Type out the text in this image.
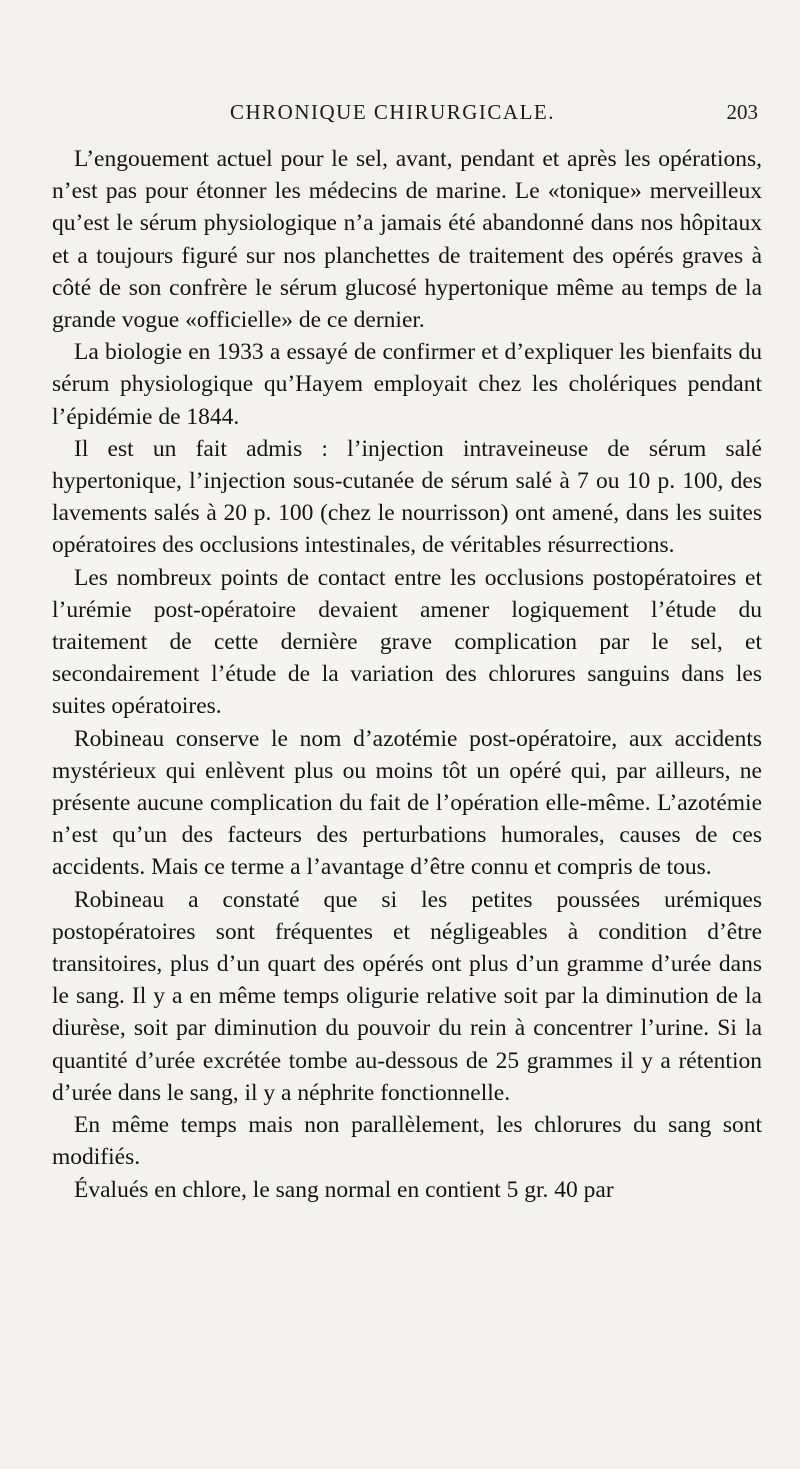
CHRONIQUE CHIRURGICALE.	203

L’engouement actuel pour le sel, avant, pendant et après les opérations, n’est pas pour étonner les médecins de marine. Le «tonique» merveilleux qu’est le sérum physiologique n’a jamais été abandonné dans nos hôpitaux et a toujours figuré sur nos planchettes de traitement des opérés graves à côté de son confrère le sérum glucosé hypertonique même au temps de la grande vogue «officielle» de ce dernier.

La biologie en 1933 a essayé de confirmer et d’expliquer les bienfaits du sérum physiologique qu’Hayem employait chez les cholériques pendant l’épidémie de 1844.

Il est un fait admis : l’injection intraveineuse de sérum salé hypertonique, l’injection sous-cutanée de sérum salé à 7 ou 10 p. 100, des lavements salés à 20 p. 100 (chez le nourrisson) ont amené, dans les suites opératoires des occlusions intestinales, de véritables résurrections.

Les nombreux points de contact entre les occlusions postopératoires et l’urémie post-opératoire devaient amener logiquement l’étude du traitement de cette dernière grave complication par le sel, et secondairement l’étude de la variation des chlorures sanguins dans les suites opératoires.

Robineau conserve le nom d’azotémie post-opératoire, aux accidents mystérieux qui enlèvent plus ou moins tôt un opéré qui, par ailleurs, ne présente aucune complication du fait de l’opération elle-même. L’azotémie n’est qu’un des facteurs des perturbations humorales, causes de ces accidents. Mais ce terme a l’avantage d’être connu et compris de tous.

Robineau a constaté que si les petites poussées urémiques postopératoires sont fréquentes et négligeables à condition d’être transitoires, plus d’un quart des opérés ont plus d’un gramme d’urée dans le sang. Il y a en même temps oligurie relative soit par la diminution de la diurèse, soit par diminution du pouvoir du rein à concentrer l’urine. Si la quantité d’urée excrétée tombe au-dessous de 25 grammes il y a rétention d’urée dans le sang, il y a néphrite fonctionnelle.

En même temps mais non parallèlement, les chlorures du sang sont modifiés.

Évalués en chlore, le sang normal en contient 5 gr. 40 par
